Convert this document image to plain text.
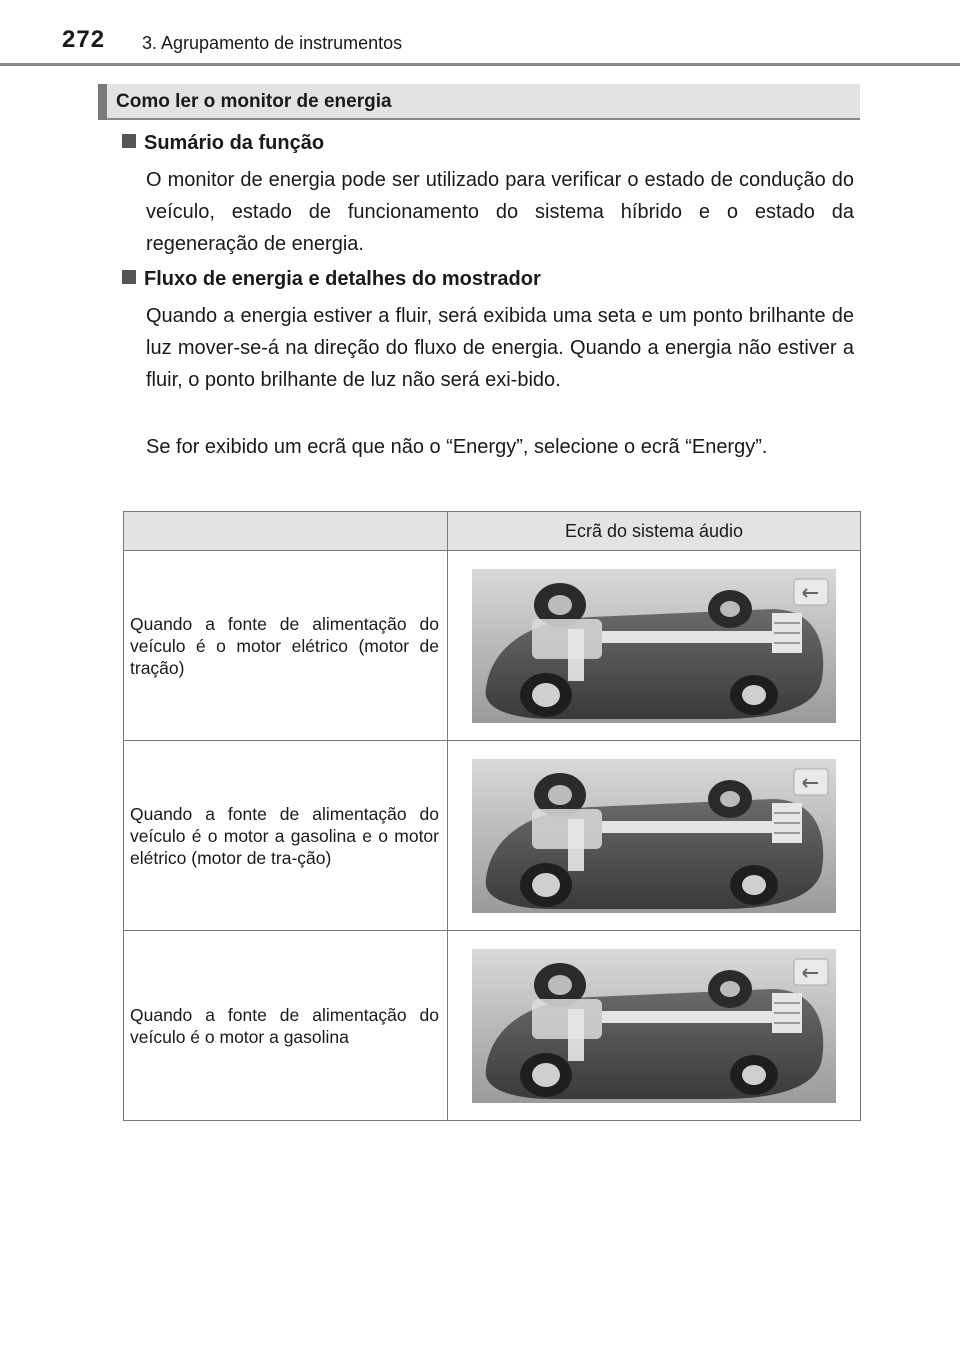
272 3. Agrupamento de instrumentos
Como ler o monitor de energia
Sumário da função
O monitor de energia pode ser utilizado para verificar o estado de condução do veículo, estado de funcionamento do sistema híbrido e o estado da regeneração de energia.
Fluxo de energia e detalhes do mostrador
Quando a energia estiver a fluir, será exibida uma seta e um ponto brilhante de luz mover-se-á na direção do fluxo de energia. Quando a energia não estiver a fluir, o ponto brilhante de luz não será exi-bido.
Se for exibido um ecrã que não o “Energy”, selecione o ecrã “Energy”.
	Ecrã do sistema áudio
Quando a fonte de alimentação do veículo é o motor elétrico (motor de tração)	

Quando a fonte de alimentação do veículo é o motor a gasolina e o motor elétrico (motor de tra-ção)	

Quando a fonte de alimentação do veículo é o motor a gasolina	
